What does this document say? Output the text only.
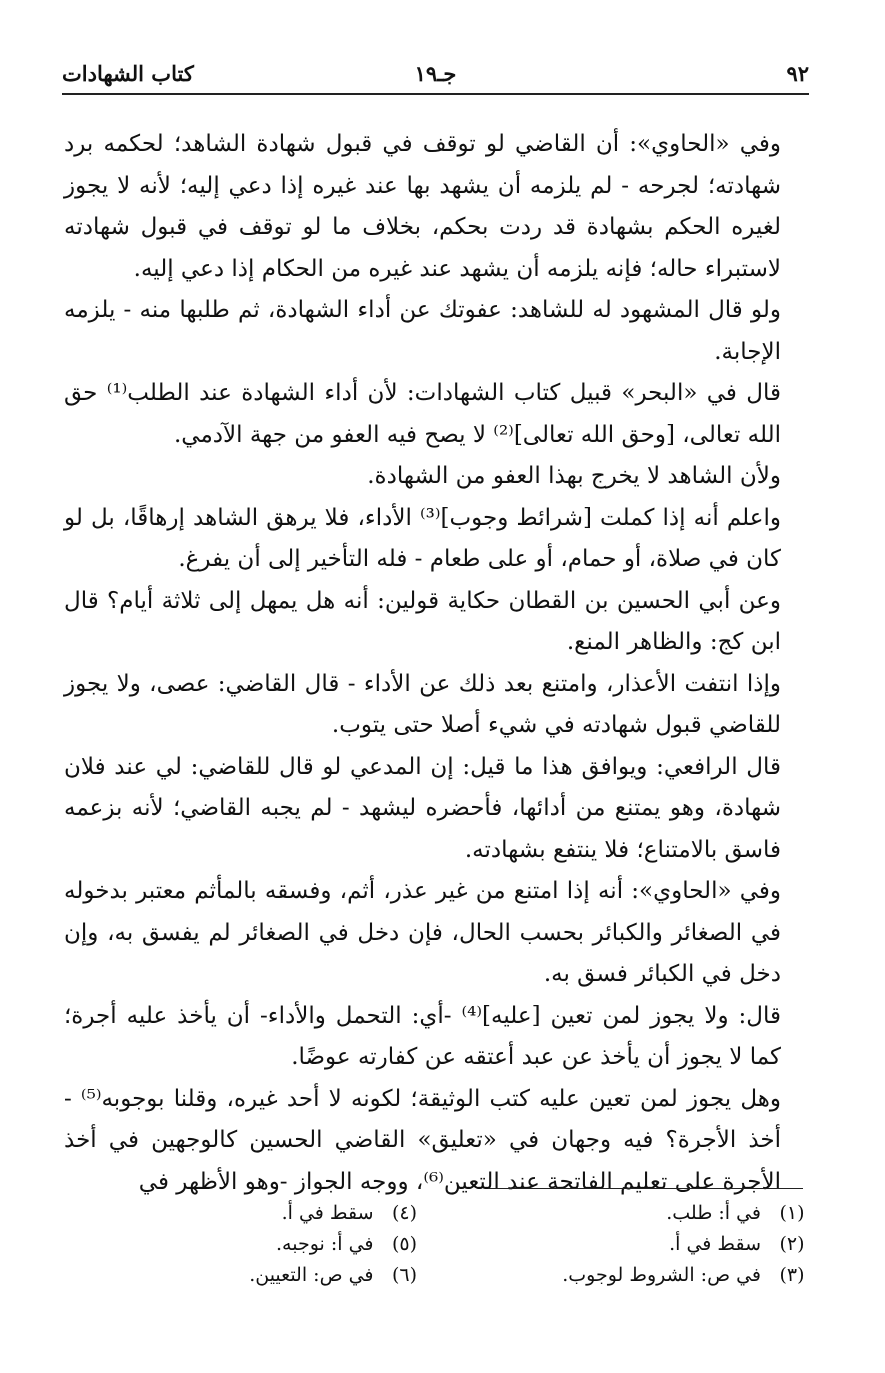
٩٢
جـ١٩
كتاب الشهادات

وفي «الحاوي»: أن القاضي لو توقف في قبول شهادة الشاهد؛ لحكمه برد شهادته؛ لجرحه - لم يلزمه أن يشهد بها عند غيره إذا دعي إليه؛ لأنه لا يجوز لغيره الحكم بشهادة قد ردت بحكم، بخلاف ما لو توقف في قبول شهادته لاستبراء حاله؛ فإنه يلزمه أن يشهد عند غيره من الحكام إذا دعي إليه.

ولو قال المشهود له للشاهد: عفوتك عن أداء الشهادة، ثم طلبها منه - يلزمه الإجابة.

قال في «البحر» قبيل كتاب الشهادات: لأن أداء الشهادة عند الطلب⁽¹⁾ حق الله تعالى، [وحق الله تعالى]⁽²⁾ لا يصح فيه العفو من جهة الآدمي.

ولأن الشاهد لا يخرج بهذا العفو من الشهادة.

واعلم أنه إذا كملت [شرائط وجوب]⁽³⁾ الأداء، فلا يرهق الشاهد إرهاقًا، بل لو كان في صلاة، أو حمام، أو على طعام - فله التأخير إلى أن يفرغ.

وعن أبي الحسين بن القطان حكاية قولين: أنه هل يمهل إلى ثلاثة أيام؟ قال ابن كج: والظاهر المنع.

وإذا انتفت الأعذار، وامتنع بعد ذلك عن الأداء - قال القاضي: عصى، ولا يجوز للقاضي قبول شهادته في شيء أصلا حتى يتوب.

قال الرافعي: ويوافق هذا ما قيل: إن المدعي لو قال للقاضي: لي عند فلان شهادة، وهو يمتنع من أدائها، فأحضره ليشهد - لم يجبه القاضي؛ لأنه بزعمه فاسق بالامتناع؛ فلا ينتفع بشهادته.

وفي «الحاوي»: أنه إذا امتنع من غير عذر، أثم، وفسقه بالمأثم معتبر بدخوله في الصغائر والكبائر بحسب الحال، فإن دخل في الصغائر لم يفسق به، وإن دخل في الكبائر فسق به.

قال: ولا يجوز لمن تعين [عليه]⁽⁴⁾ -أي: التحمل والأداء- أن يأخذ عليه أجرة؛ كما لا يجوز أن يأخذ عن عبد أعتقه عن كفارته عوضًا.

وهل يجوز لمن تعين عليه كتب الوثيقة؛ لكونه لا أحد غيره، وقلنا بوجوبه⁽⁵⁾ - أخذ الأجرة؟ فيه وجهان في «تعليق» القاضي الحسين كالوجهين في أخذ الأجرة على تعليم الفاتحة عند التعين⁽⁶⁾، ووجه الجواز -وهو الأظهر في

(١)
في أ: طلب.
(٤)
سقط في أ.
(٢)
سقط في أ.
(٥)
في أ: نوجبه.
(٣)
في ص: الشروط لوجوب.
(٦)
في ص: التعيين.
